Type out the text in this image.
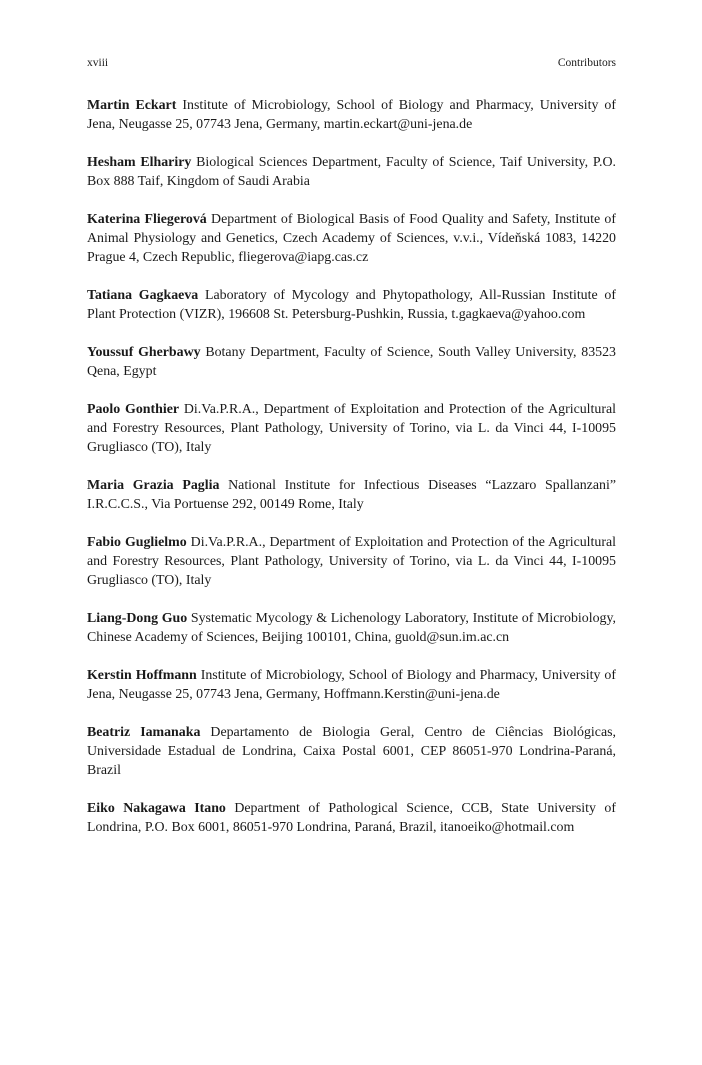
xviii	Contributors

Martin Eckart Institute of Microbiology, School of Biology and Pharmacy, University of Jena, Neugasse 25, 07743 Jena, Germany, martin.eckart@uni-jena.de

Hesham Elhariry Biological Sciences Department, Faculty of Science, Taif University, P.O. Box 888 Taif, Kingdom of Saudi Arabia

Katerina Fliegerová Department of Biological Basis of Food Quality and Safety, Institute of Animal Physiology and Genetics, Czech Academy of Sciences, v.v.i., Vídeňská 1083, 14220 Prague 4, Czech Republic, fliegerova@iapg.cas.cz

Tatiana Gagkaeva Laboratory of Mycology and Phytopathology, All-Russian Institute of Plant Protection (VIZR), 196608 St. Petersburg-Pushkin, Russia, t.gagkaeva@yahoo.com

Youssuf Gherbawy Botany Department, Faculty of Science, South Valley University, 83523 Qena, Egypt

Paolo Gonthier Di.Va.P.R.A., Department of Exploitation and Protection of the Agricultural and Forestry Resources, Plant Pathology, University of Torino, via L. da Vinci 44, I-10095 Grugliasco (TO), Italy

Maria Grazia Paglia National Institute for Infectious Diseases “Lazzaro Spallanzani” I.R.C.C.S., Via Portuense 292, 00149 Rome, Italy

Fabio Guglielmo Di.Va.P.R.A., Department of Exploitation and Protection of the Agricultural and Forestry Resources, Plant Pathology, University of Torino, via L. da Vinci 44, I-10095 Grugliasco (TO), Italy

Liang-Dong Guo Systematic Mycology & Lichenology Laboratory, Institute of Microbiology, Chinese Academy of Sciences, Beijing 100101, China, guold@sun.im.ac.cn

Kerstin Hoffmann Institute of Microbiology, School of Biology and Pharmacy, University of Jena, Neugasse 25, 07743 Jena, Germany, Hoffmann.Kerstin@uni-jena.de

Beatriz Iamanaka Departamento de Biologia Geral, Centro de Ciências Biológicas, Universidade Estadual de Londrina, Caixa Postal 6001, CEP 86051-970 Londrina-Paraná, Brazil

Eiko Nakagawa Itano Department of Pathological Science, CCB, State University of Londrina, P.O. Box 6001, 86051-970 Londrina, Paraná, Brazil, itanoeiko@hotmail.com
